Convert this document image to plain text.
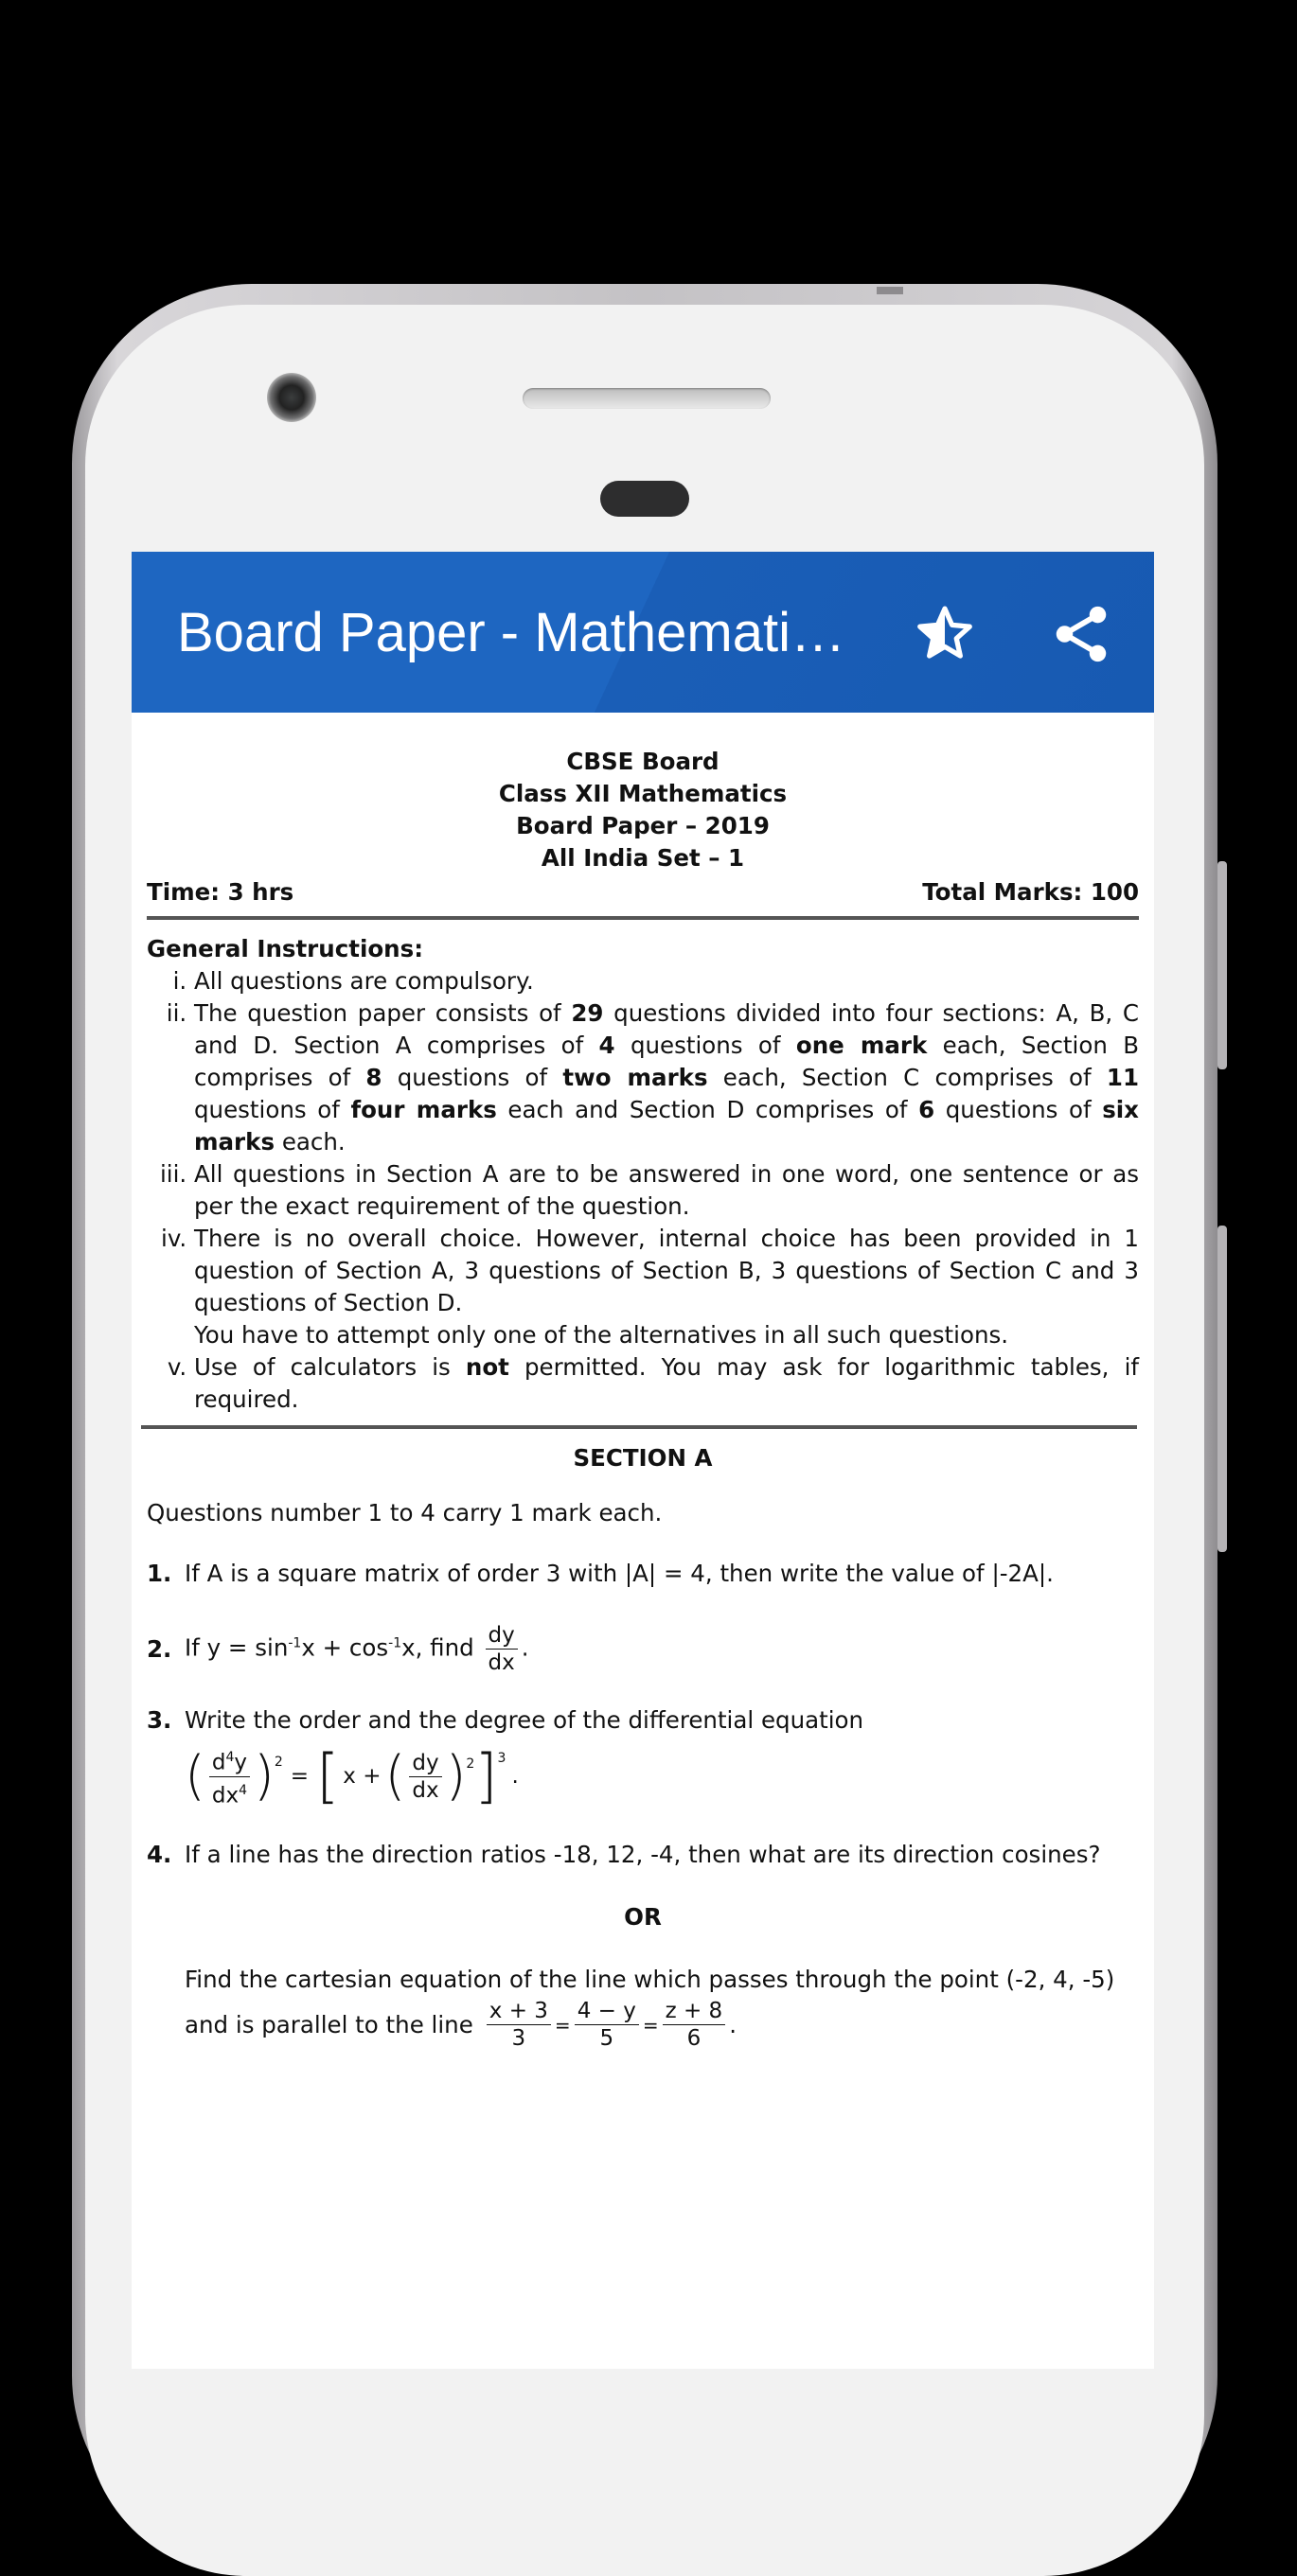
Board Paper - Mathemati…
CBSE Board
Class XII Mathematics
Board Paper – 2019
All India Set – 1
Time: 3 hrs	Total Marks: 100
General Instructions:
i. All questions are compulsory.
ii. The question paper consists of 29 questions divided into four sections: A, B, C and D. Section A comprises of 4 questions of one mark each, Section B comprises of 8 questions of two marks each, Section C comprises of 11 questions of four marks each and Section D comprises of 6 questions of six marks each.
iii. All questions in Section A are to be answered in one word, one sentence or as per the exact requirement of the question.
iv. There is no overall choice. However, internal choice has been provided in 1 question of Section A, 3 questions of Section B, 3 questions of Section C and 3 questions of Section D.
You have to attempt only one of the alternatives in all such questions.
v. Use of calculators is not permitted. You may ask for logarithmic tables, if required.
SECTION A
Questions number 1 to 4 carry 1 mark each.
1. If A is a square matrix of order 3 with |A| = 4, then write the value of |-2A|.
2. If $y = \sin^{-1}x + \cos^{-1}x$, find $\frac{dy}{dx}$ .
3. Write the order and the degree of the differential equation
( $\frac{d^4y}{dx^4} )^2$
= [ x + ( $\frac{dy}{dx} )^2$ ]$^3$
.
4. If a line has the direction ratios -18, 12, -4, then what are its direction cosines?
OR
Find the cartesian equation of the line which passes through the point (-2, 4, -5)
and is parallel to the line $\frac{x + 3}{3} = \frac{4 - y}{5} = \frac{z + 8}{6}$ .
